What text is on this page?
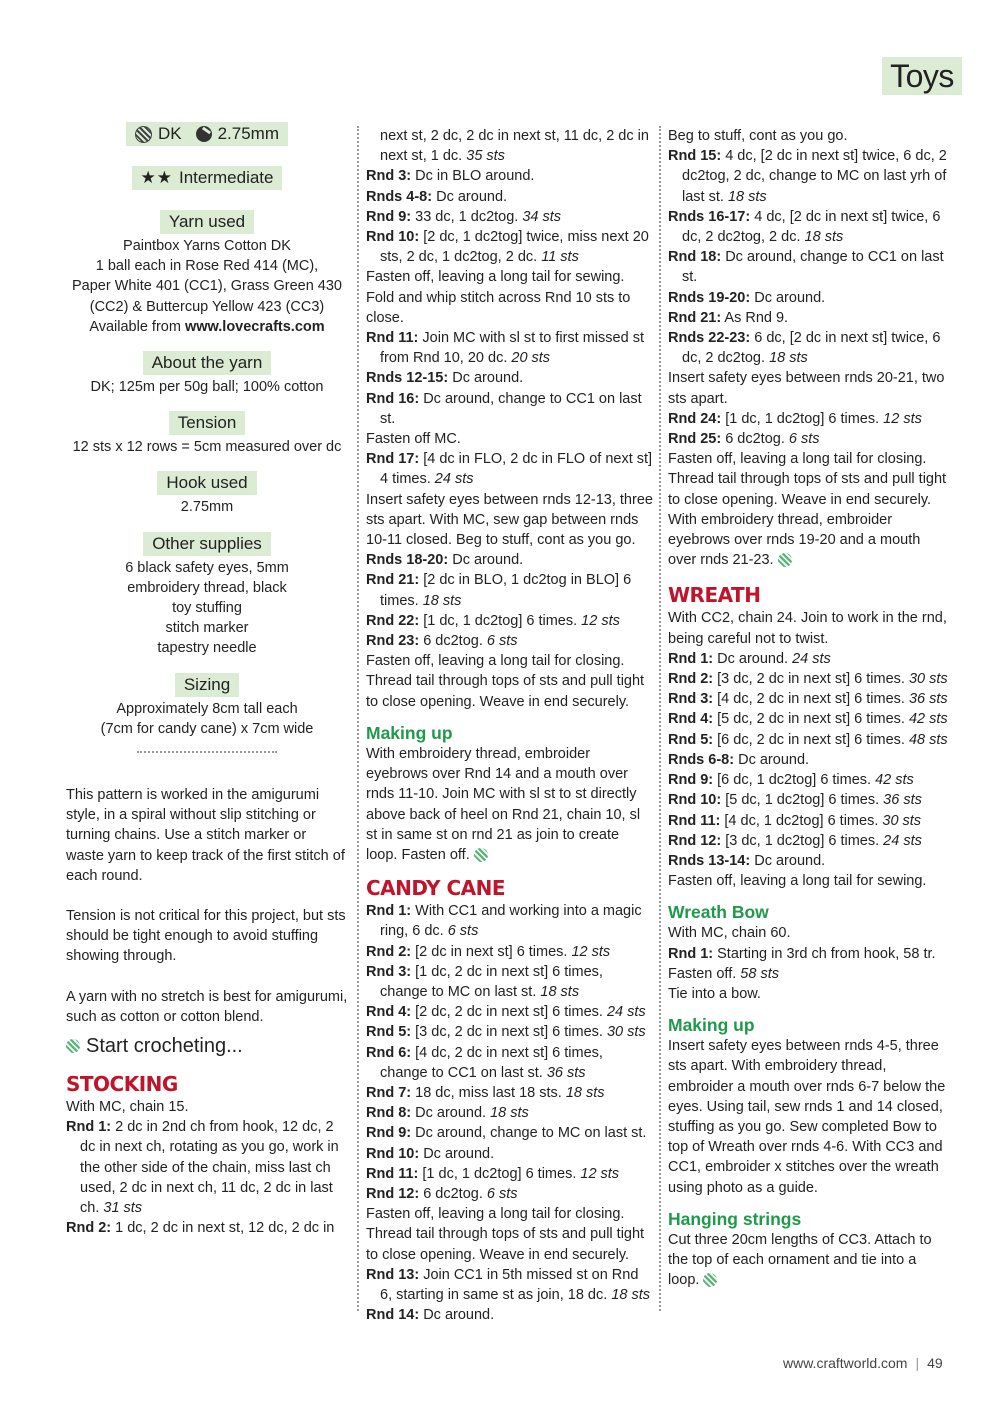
Toys
DK 2.75mm
★★ Intermediate
Yarn used
Paintbox Yarns Cotton DK
1 ball each in Rose Red 414 (MC),
Paper White 401 (CC1), Grass Green 430
(CC2) & Buttercup Yellow 423 (CC3)
Available from www.lovecrafts.com
About the yarn
DK; 125m per 50g ball; 100% cotton
Tension
12 sts x 12 rows = 5cm measured over dc
Hook used
2.75mm
Other supplies
6 black safety eyes, 5mm
embroidery thread, black
toy stuffing
stitch marker
tapestry needle
Sizing
Approximately 8cm tall each
(7cm for candy cane) x 7cm wide

This pattern is worked in the amigurumi style, in a spiral without slip stitching or turning chains. Use a stitch marker or waste yarn to keep track of the first stitch of each round.

Tension is not critical for this project, but sts should be tight enough to avoid stuffing showing through.

A yarn with no stretch is best for amigurumi, such as cotton or cotton blend.

Start crocheting...
STOCKING
With MC, chain 15.
Rnd 1: 2 dc in 2nd ch from hook, 12 dc, 2 dc in next ch, rotating as you go, work in the other side of the chain, miss last ch used, 2 dc in next ch, 11 dc, 2 dc in last ch. 31 sts
Rnd 2: 1 dc, 2 dc in next st, 12 dc, 2 dc in
next st, 2 dc, 2 dc in next st, 11 dc, 2 dc in next st, 1 dc. 35 sts
Rnd 3: Dc in BLO around.
Rnds 4-8: Dc around.
Rnd 9: 33 dc, 1 dc2tog. 34 sts
Rnd 10: [2 dc, 1 dc2tog] twice, miss next 20 sts, 2 dc, 1 dc2tog, 2 dc. 11 sts
Fasten off, leaving a long tail for sewing.
Fold and whip stitch across Rnd 10 sts to close.
Rnd 11: Join MC with sl st to first missed st from Rnd 10, 20 dc. 20 sts
Rnds 12-15: Dc around.
Rnd 16: Dc around, change to CC1 on last st.
Fasten off MC.
Rnd 17: [4 dc in FLO, 2 dc in FLO of next st] 4 times. 24 sts
Insert safety eyes between rnds 12-13, three sts apart. With MC, sew gap between rnds 10-11 closed. Beg to stuff, cont as you go.
Rnds 18-20: Dc around.
Rnd 21: [2 dc in BLO, 1 dc2tog in BLO] 6 times. 18 sts
Rnd 22: [1 dc, 1 dc2tog] 6 times. 12 sts
Rnd 23: 6 dc2tog. 6 sts
Fasten off, leaving a long tail for closing. Thread tail through tops of sts and pull tight to close opening. Weave in end securely.
Making up
With embroidery thread, embroider eyebrows over Rnd 14 and a mouth over rnds 11-10. Join MC with sl st to st directly above back of heel on Rnd 21, chain 10, sl st in same st on rnd 21 as join to create loop. Fasten off.
CANDY CANE
Rnd 1: With CC1 and working into a magic ring, 6 dc. 6 sts
Rnd 2: [2 dc in next st] 6 times. 12 sts
Rnd 3: [1 dc, 2 dc in next st] 6 times, change to MC on last st. 18 sts
Rnd 4: [2 dc, 2 dc in next st] 6 times. 24 sts
Rnd 5: [3 dc, 2 dc in next st] 6 times. 30 sts
Rnd 6: [4 dc, 2 dc in next st] 6 times, change to CC1 on last st. 36 sts
Rnd 7: 18 dc, miss last 18 sts. 18 sts
Rnd 8: Dc around. 18 sts
Rnd 9: Dc around, change to MC on last st.
Rnd 10: Dc around.
Rnd 11: [1 dc, 1 dc2tog] 6 times. 12 sts
Rnd 12: 6 dc2tog. 6 sts
Fasten off, leaving a long tail for closing. Thread tail through tops of sts and pull tight to close opening. Weave in end securely.
Rnd 13: Join CC1 in 5th missed st on Rnd 6, starting in same st as join, 18 dc. 18 sts
Rnd 14: Dc around.
Beg to stuff, cont as you go.
Rnd 15: 4 dc, [2 dc in next st] twice, 6 dc, 2 dc2tog, 2 dc, change to MC on last yrh of last st. 18 sts
Rnds 16-17: 4 dc, [2 dc in next st] twice, 6 dc, 2 dc2tog, 2 dc. 18 sts
Rnd 18: Dc around, change to CC1 on last st.
Rnds 19-20: Dc around.
Rnd 21: As Rnd 9.
Rnds 22-23: 6 dc, [2 dc in next st] twice, 6 dc, 2 dc2tog. 18 sts
Insert safety eyes between rnds 20-21, two sts apart.
Rnd 24: [1 dc, 1 dc2tog] 6 times. 12 sts
Rnd 25: 6 dc2tog. 6 sts
Fasten off, leaving a long tail for closing. Thread tail through tops of sts and pull tight to close opening. Weave in end securely.
With embroidery thread, embroider eyebrows over rnds 19-20 and a mouth over rnds 21-23.
WREATH
With CC2, chain 24. Join to work in the rnd, being careful not to twist.
Rnd 1: Dc around. 24 sts
Rnd 2: [3 dc, 2 dc in next st] 6 times. 30 sts
Rnd 3: [4 dc, 2 dc in next st] 6 times. 36 sts
Rnd 4: [5 dc, 2 dc in next st] 6 times. 42 sts
Rnd 5: [6 dc, 2 dc in next st] 6 times. 48 sts
Rnds 6-8: Dc around.
Rnd 9: [6 dc, 1 dc2tog] 6 times. 42 sts
Rnd 10: [5 dc, 1 dc2tog] 6 times. 36 sts
Rnd 11: [4 dc, 1 dc2tog] 6 times. 30 sts
Rnd 12: [3 dc, 1 dc2tog] 6 times. 24 sts
Rnds 13-14: Dc around.
Fasten off, leaving a long tail for sewing.
Wreath Bow
With MC, chain 60.
Rnd 1: Starting in 3rd ch from hook, 58 tr.
Fasten off. 58 sts
Tie into a bow.
Making up
Insert safety eyes between rnds 4-5, three sts apart. With embroidery thread, embroider a mouth over rnds 6-7 below the eyes. Using tail, sew rnds 1 and 14 closed, stuffing as you go. Sew completed Bow to top of Wreath over rnds 4-6. With CC3 and CC1, embroider x stitches over the wreath using photo as a guide.
Hanging strings
Cut three 20cm lengths of CC3. Attach to the top of each ornament and tie into a loop.
www.craftworld.com | 49
